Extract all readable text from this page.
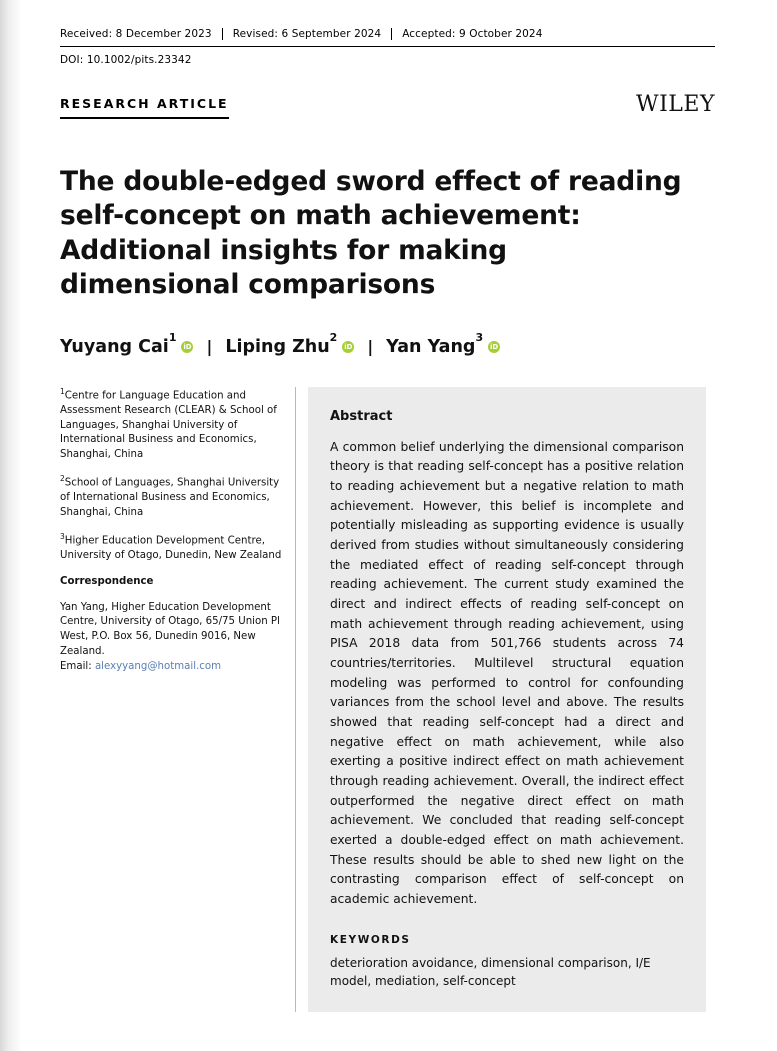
Received: 8 December 2023	Revised: 6 September 2024	Accepted: 9 October 2024
DOI: 10.1002/pits.23342
RESEARCH ARTICLE	WILEY
The double-edged sword effect of reading self-concept on math achievement: Additional insights for making dimensional comparisons
Yuyang Cai$^1$ iD | Liping Zhu$^2$ iD | Yan Yang$^3$
iD

$^1$Centre for Language Education and Assessment Research (CLEAR) & School of Languages, Shanghai University of International Business and Economics, Shanghai, China

$^2$School of Languages, Shanghai University of International Business and Economics, Shanghai, China

$^3$Higher Education Development Centre, University of Otago, Dunedin, New Zealand

Correspondence

Yan Yang, Higher Education Development Centre, University of Otago, 65/75 Union Pl West, P.O. Box 56, Dunedin 9016, New Zealand.
Email: alexyyang@hotmail.com

Abstract

A common belief underlying the dimensional comparison theory is that reading self-concept has a positive relation to reading achievement but a negative relation to math achievement. However, this belief is incomplete and potentially misleading as supporting evidence is usually derived from studies without simultaneously considering the mediated effect of reading self-concept through reading achievement. The current study examined the direct and indirect effects of reading self-concept on math achievement through reading achievement, using PISA 2018 data from 501,766 students across 74 countries/territories. Multilevel structural equation modeling was performed to control for confounding variances from the school level and above. The results showed that reading self-concept had a direct and negative effect on math achievement, while also exerting a positive indirect effect on math achievement through reading achievement. Overall, the indirect effect outperformed the negative direct effect on math achievement. We concluded that reading self-concept exerted a double-edged effect on math achievement. These results should be able to shed new light on the contrasting comparison effect of self-concept on academic achievement.

KEYWORDS
deterioration avoidance, dimensional comparison, I/E model, mediation, self-concept
